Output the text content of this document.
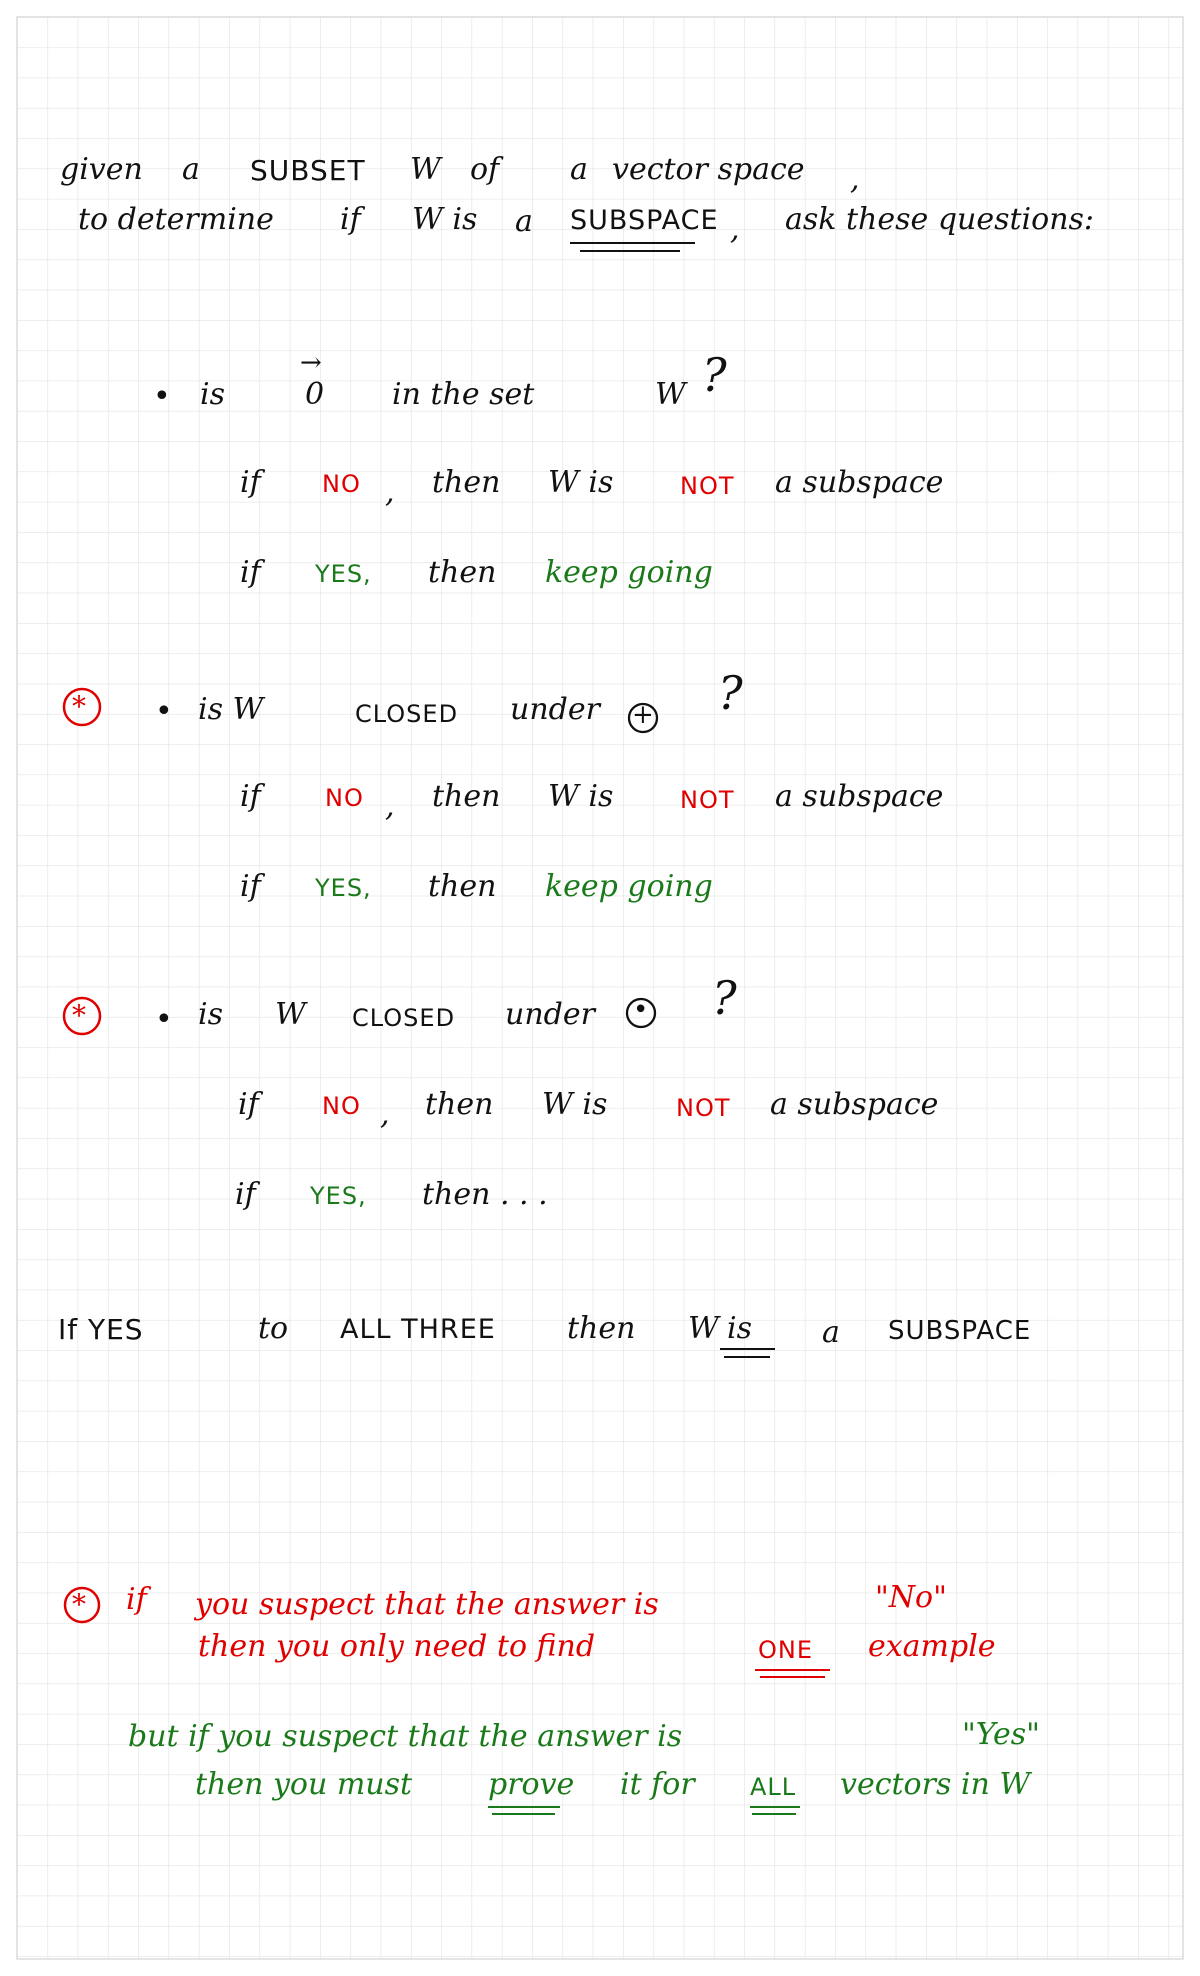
given a SUBSET W of a vector space ,
to determine if W is a SUBSPACE , ask these questions:
• is
→
0 in the set	W ?
if	NO , then W is	NOT a subspace
if YES, then keep going
* • is W	CLOSED under + ?
if	NO , then W is	NOT a subspace
if YES, then keep going
* • is W CLOSED under • ?
if	NO , then W is	NOT a subspace
if YES, then . . .
If YES	to ALL THREE then W is a SUBSPACE
* if you suspect that the answer is	"No"
then you only need to find	ONE example
but if you suspect that the answer is	"Yes"
then you must	prove it for ALL vectors in W
